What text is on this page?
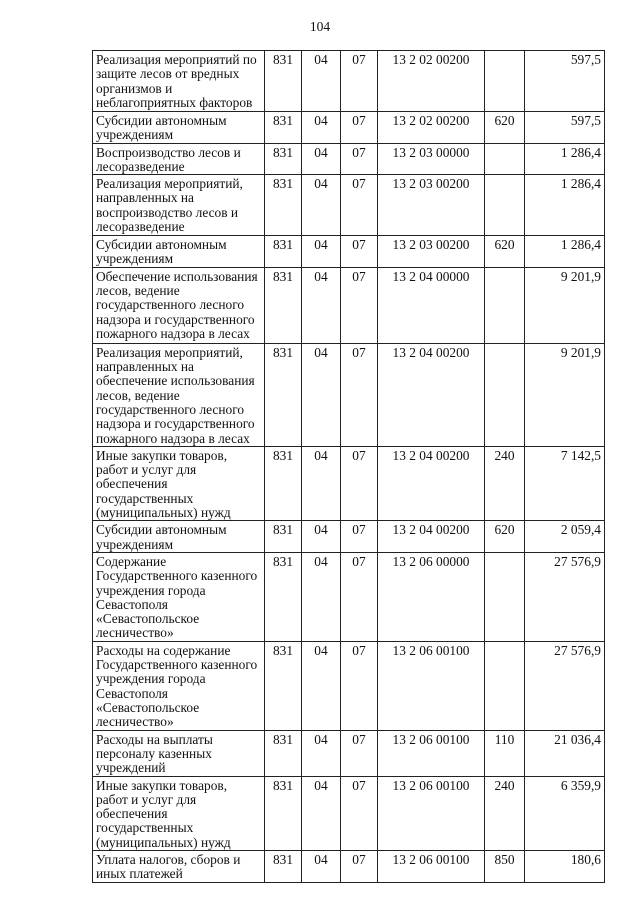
104
Реализация мероприятий по защите лесов от вредных организмов и неблагоприятных факторов	831	04	07	13 2 02 00200		597,5
Субсидии автономным учреждениям	831	04	07	13 2 02 00200	620	597,5
Воспроизводство лесов и лесоразведение	831	04	07	13 2 03 00000		1 286,4
Реализация мероприятий, направленных на воспроизводство лесов и лесоразведение	831	04	07	13 2 03 00200		1 286,4
Субсидии автономным учреждениям	831	04	07	13 2 03 00200	620	1 286,4
Обеспечение использования лесов, ведение государственного лесного надзора и государственного пожарного надзора в лесах	831	04	07	13 2 04 00000		9 201,9
Реализация мероприятий, направленных на обеспечение использования лесов, ведение государственного лесного надзора и государственного пожарного надзора в лесах	831	04	07	13 2 04 00200		9 201,9
Иные закупки товаров, работ и услуг для обеспечения государственных (муниципальных) нужд	831	04	07	13 2 04 00200	240	7 142,5
Субсидии автономным учреждениям	831	04	07	13 2 04 00200	620	2 059,4
Содержание Государственного казенного учреждения города Севастополя «Севастопольское лесничество»	831	04	07	13 2 06 00000		27 576,9
Расходы на содержание Государственного казенного учреждения города Севастополя «Севастопольское лесничество»	831	04	07	13 2 06 00100		27 576,9
Расходы на выплаты персоналу казенных учреждений	831	04	07	13 2 06 00100	110	21 036,4
Иные закупки товаров, работ и услуг для обеспечения государственных (муниципальных) нужд	831	04	07	13 2 06 00100	240	6 359,9
Уплата налогов, сборов и иных платежей	831	04	07	13 2 06 00100	850	180,6
